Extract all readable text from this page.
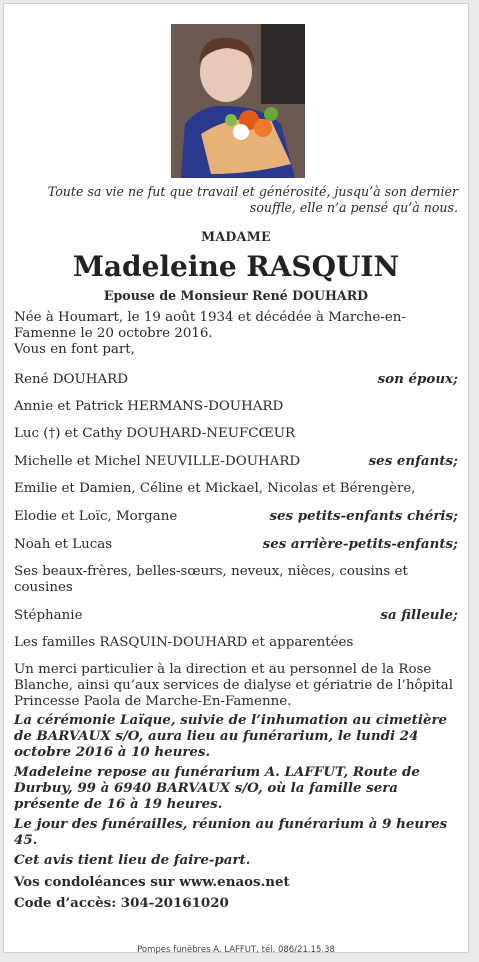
Toute sa vie ne fut que travail et générosité, jusqu’à son dernier souffle, elle n’a pensé qu’à nous.
MADAME
Madeleine RASQUIN
Epouse de Monsieur René DOUHARD

Née à Houmart, le 19 août 1934 et décédée à Marche-en-Famenne le 20 octobre 2016.

Vous en font part,

René DOUHARD	son époux;
Annie et Patrick HERMANS-DOUHARD
Luc (†) et Cathy DOUHARD-NEUFCŒUR
Michelle et Michel NEUVILLE-DOUHARD	ses enfants;
Emilie et Damien, Céline et Mickael, Nicolas et Bérengère,
Elodie et Loïc, Morgane	ses petits-enfants chéris;
Noah et Lucas	ses arrière-petits-enfants;

Ses beaux-frères, belles-sœurs, neveux, nièces, cousins et cousines

Stéphanie	sa filleule;

Les familles RASQUIN-DOUHARD et apparentées

Un merci particulier à la direction et au personnel de la Rose Blanche, ainsi qu’aux services de dialyse et gériatrie de l’hôpital Princesse Paola de Marche-En-Famenne.

La cérémonie Laïque, suivie de l’inhumation au cimetière de BARVAUX s/O, aura lieu au funérarium, le lundi 24 octobre 2016 à 10 heures.

Madeleine repose au funérarium A. LAFFUT, Route de Durbuy, 99 à 6940 BARVAUX s/O, où la famille sera présente de 16 à 19 heures.

Le jour des funérailles, réunion au funérarium à 9 heures 45.

Cet avis tient lieu de faire-part.

Vos condoléances sur www.enaos.net

Code d’accès: 304-20161020

Pompes funèbres A. LAFFUT, tél. 086/21.15.38
